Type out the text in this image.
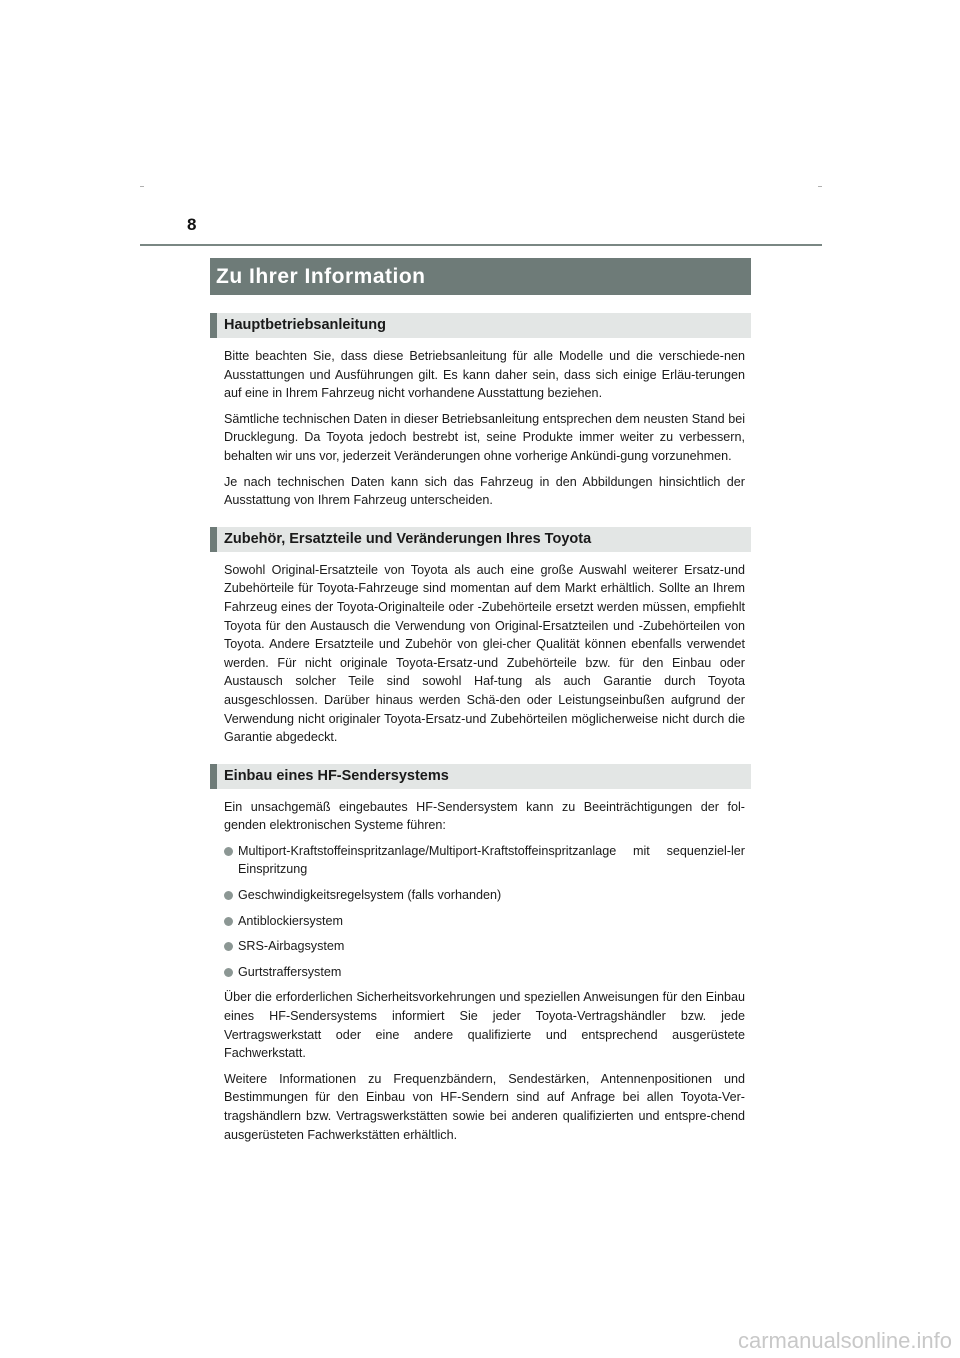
8
Zu Ihrer Information
Hauptbetriebsanleitung

Bitte beachten Sie, dass diese Betriebsanleitung für alle Modelle und die verschiede-nen Ausstattungen und Ausführungen gilt. Es kann daher sein, dass sich einige Erläu-terungen auf eine in Ihrem Fahrzeug nicht vorhandene Ausstattung beziehen.

Sämtliche technischen Daten in dieser Betriebsanleitung entsprechen dem neusten Stand bei Drucklegung. Da Toyota jedoch bestrebt ist, seine Produkte immer weiter zu verbessern, behalten wir uns vor, jederzeit Veränderungen ohne vorherige Ankündi-gung vorzunehmen.

Je nach technischen Daten kann sich das Fahrzeug in den Abbildungen hinsichtlich der Ausstattung von Ihrem Fahrzeug unterscheiden.

Zubehör, Ersatzteile und Veränderungen Ihres Toyota

Sowohl Original-Ersatzteile von Toyota als auch eine große Auswahl weiterer Ersatz-und Zubehörteile für Toyota-Fahrzeuge sind momentan auf dem Markt erhältlich. Sollte an Ihrem Fahrzeug eines der Toyota-Originalteile oder -Zubehörteile ersetzt werden müssen, empfiehlt Toyota für den Austausch die Verwendung von Original-Ersatzteilen und -Zubehörteilen von Toyota. Andere Ersatzteile und Zubehör von glei-cher Qualität können ebenfalls verwendet werden. Für nicht originale Toyota-Ersatz-und Zubehörteile bzw. für den Einbau oder Austausch solcher Teile sind sowohl Haf-tung als auch Garantie durch Toyota ausgeschlossen. Darüber hinaus werden Schä-den oder Leistungseinbußen aufgrund der Verwendung nicht originaler Toyota-Ersatz-und Zubehörteilen möglicherweise nicht durch die Garantie abgedeckt.

Einbau eines HF-Sendersystems

Ein unsachgemäß eingebautes HF-Sendersystem kann zu Beeinträchtigungen der fol-genden elektronischen Systeme führen:

Multiport-Kraftstoffeinspritzanlage/Multiport-Kraftstoffeinspritzanlage mit sequenziel-ler Einspritzung
Geschwindigkeitsregelsystem (falls vorhanden)
Antiblockiersystem
SRS-Airbagsystem
Gurtstraffersystem

Über die erforderlichen Sicherheitsvorkehrungen und speziellen Anweisungen für den Einbau eines HF-Sendersystems informiert Sie jeder Toyota-Vertragshändler bzw. jede Vertragswerkstatt oder eine andere qualifizierte und entsprechend ausgerüstete Fachwerkstatt.

Weitere Informationen zu Frequenzbändern, Sendestärken, Antennenpositionen und Bestimmungen für den Einbau von HF-Sendern sind auf Anfrage bei allen Toyota-Ver-tragshändlern bzw. Vertragswerkstätten sowie bei anderen qualifizierten und entspre-chend ausgerüsteten Fachwerkstätten erhältlich.

carmanualsonline.info
